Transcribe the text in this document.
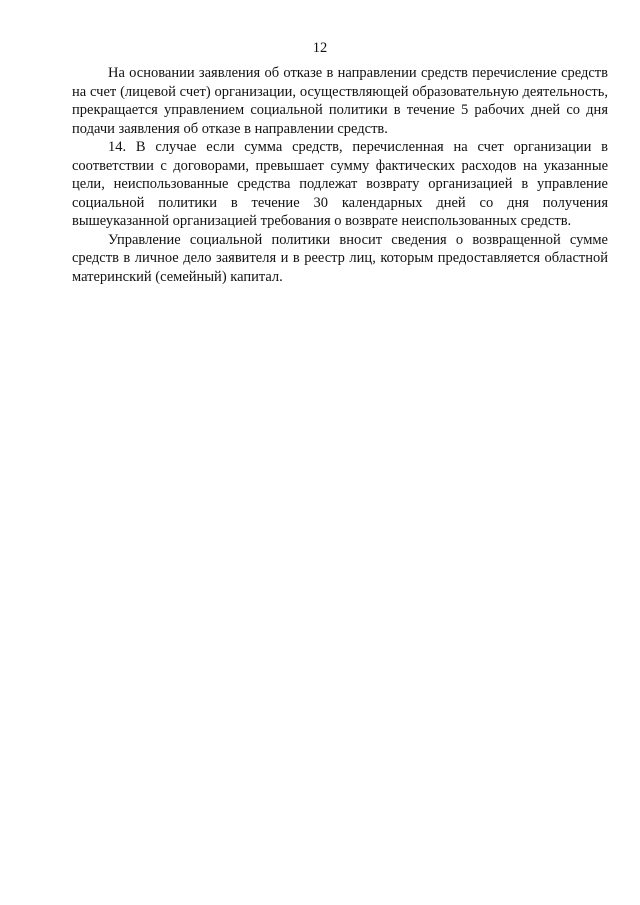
12

На основании заявления об отказе в направлении средств перечисление средств на счет (лицевой счет) организации, осуществляющей образовательную деятельность, прекращается управлением социальной политики в течение 5 рабочих дней со дня подачи заявления об отказе в направлении средств.

14. В случае если сумма средств, перечисленная на счет организации в соответствии с договорами, превышает сумму фактических расходов на указанные цели, неиспользованные средства подлежат возврату организацией в управление социальной политики в течение 30 календарных дней со дня получения вышеуказанной организацией требования о возврате неиспользованных средств.

Управление социальной политики вносит сведения о возвращенной сумме средств в личное дело заявителя и в реестр лиц, которым предоставляется областной материнский (семейный) капитал.
